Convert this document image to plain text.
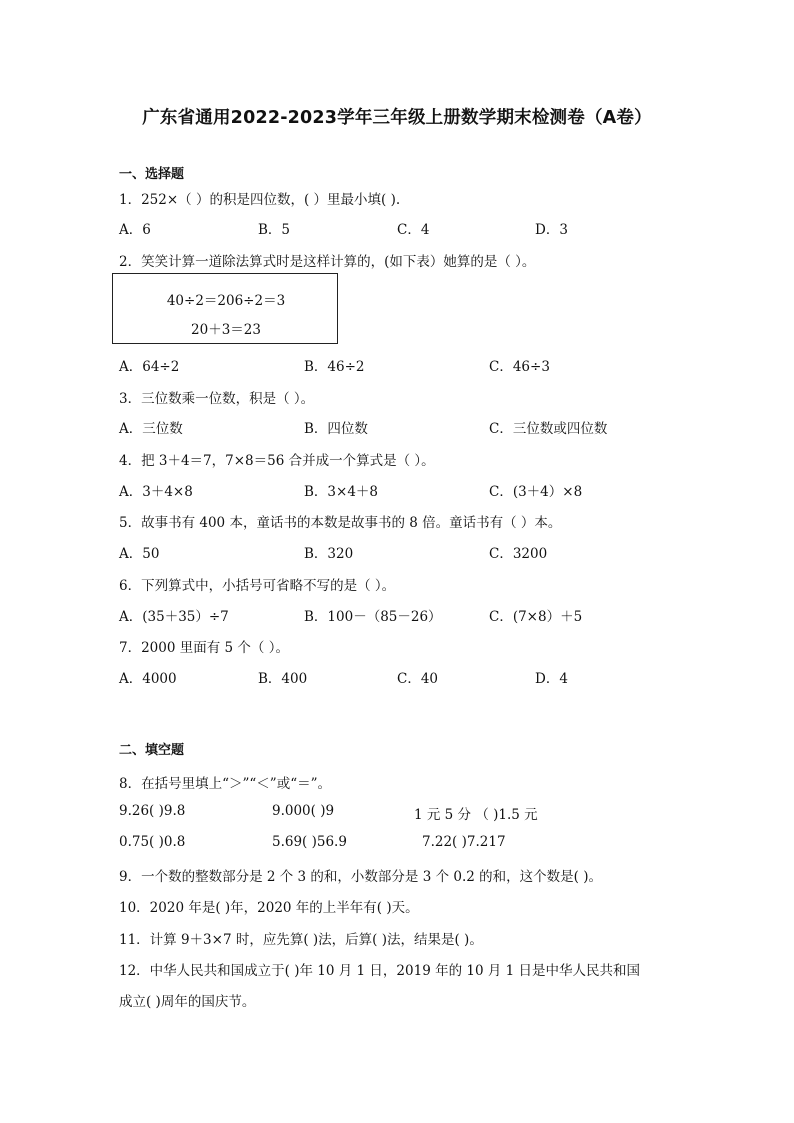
广东省通用2022-2023学年三年级上册数学期末检测卷（A卷）
一、选择题
1．252×（ ）的积是四位数，( ）里最小填( ).
A．6	B．5	C．4	D．3
2．笑笑计算一道除法算式时是这样计算的，(如下表）她算的是（ ）。
40÷2＝206÷2＝3
20＋3＝23
A．64÷2	B．46÷2	C．46÷3
3．三位数乘一位数，积是（ ）。
A．三位数	B．四位数	C．三位数或四位数
4．把 3＋4＝7，7×8＝56 合并成一个算式是（ ）。
A．3＋4×8	B．3×4＋8	C．(3＋4）×8
5．故事书有 400 本，童话书的本数是故事书的 8 倍。童话书有（ ）本。
A．50	B．320	C．3200
6．下列算式中，小括号可省略不写的是（ ）。
A．(35＋35）÷7	B．100－（85－26）	C．(7×8）＋5
7．2000 里面有 5 个（ ）。
A．4000	B．400	C．40	D．4
二、填空题
8．在括号里填上“＞”“＜”或“＝”。
9.26( )9.8	9.000( )9	1 元 5 分 （ )1.5 元
0.75( )0.8	5.69( )56.9	7.22( )7.217
9．一个数的整数部分是 2 个 3 的和，小数部分是 3 个 0.2 的和，这个数是( )。
10．2020 年是( )年，2020 年的上半年有( )天。
11．计算 9＋3×7 时，应先算( )法，后算( )法，结果是( )。
12．中华人民共和国成立于( )年 10 月 1 日，2019 年的 10 月 1 日是中华人民共和国
成立( )周年的国庆节。
